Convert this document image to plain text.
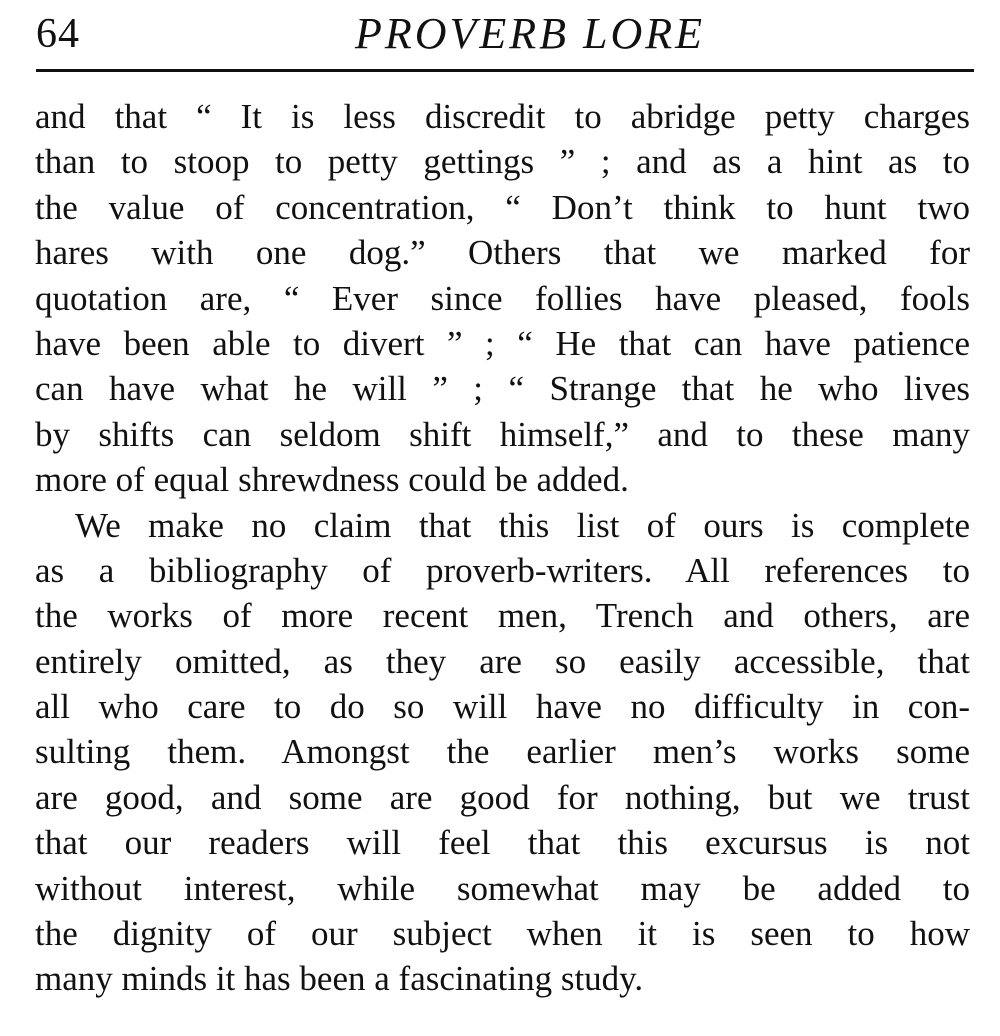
64	PROVERB LORE
and that “ It is less discredit to abridge petty charges
than to stoop to petty gettings ” ; and as a hint as to
the value of concentration, “ Don’t think to hunt two
hares with one dog.” Others that we marked for
quotation are, “ Ever since follies have pleased, fools
have been able to divert ” ; “ He that can have patience
can have what he will ” ; “ Strange that he who lives
by shifts can seldom shift himself,” and to these many
more of equal shrewdness could be added.
We make no claim that this list of ours is complete
as a bibliography of proverb-writers. All references to
the works of more recent men, Trench and others, are
entirely omitted, as they are so easily accessible, that
all who care to do so will have no difficulty in con-
sulting them. Amongst the earlier men’s works some
are good, and some are good for nothing, but we trust
that our readers will feel that this excursus is not
without interest, while somewhat may be added to
the dignity of our subject when it is seen to how
many minds it has been a fascinating study.
